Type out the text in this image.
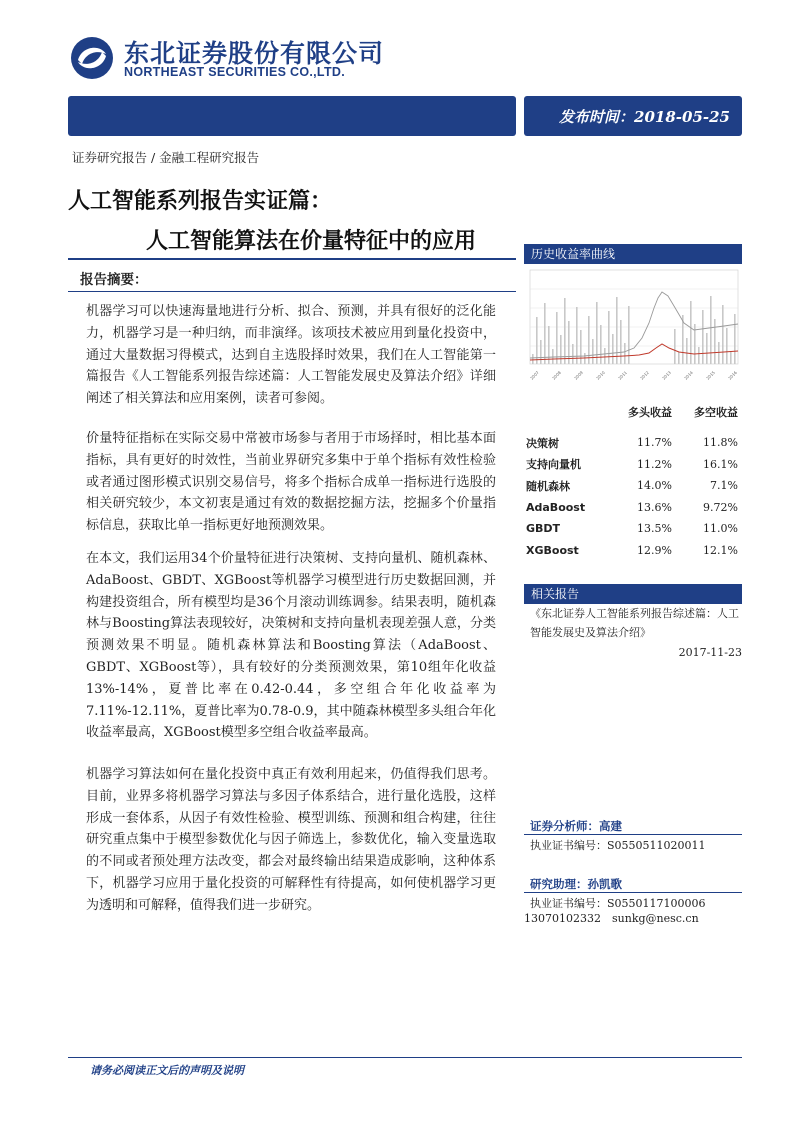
东北证券股份有限公司
NORTHEAST SECURITIES CO.,LTD.
发布时间：2018-05-25
证券研究报告 / 金融工程研究报告
人工智能系列报告实证篇：
人工智能算法在价量特征中的应用
报告摘要：
机器学习可以快速海量地进行分析、拟合、预测，并具有很好的泛化能力，机器学习是一种归纳，而非演绎。该项技术被应用到量化投资中，通过大量数据习得模式，达到自主选股择时效果，我们在人工智能第一篇报告《人工智能系列报告综述篇：人工智能发展史及算法介绍》详细阐述了相关算法和应用案例，读者可参阅。
价量特征指标在实际交易中常被市场参与者用于市场择时，相比基本面指标，具有更好的时效性，当前业界研究多集中于单个指标有效性检验或者通过图形模式识别交易信号，将多个指标合成单一指标进行选股的相关研究较少，本文初衷是通过有效的数据挖掘方法，挖掘多个价量指标信息，获取比单一指标更好地预测效果。
在本文，我们运用34个价量特征进行决策树、支持向量机、随机森林、AdaBoost、GBDT、XGBoost等机器学习模型进行历史数据回测，并构建投资组合，所有模型均是36个月滚动训练调参。结果表明，随机森林与Boosting算法表现较好，决策树和支持向量机表现差强人意，分类预测效果不明显。随机森林算法和Boosting算法（AdaBoost、GBDT、XGBoost等），具有较好的分类预测效果，第10组年化收益13%-14%，夏普比率在0.42-0.44，多空组合年化收益率为7.11%-12.11%，夏普比率为0.78-0.9，其中随森林模型多头组合年化收益率最高，XGBoost模型多空组合收益率最高。
机器学习算法如何在量化投资中真正有效利用起来，仍值得我们思考。目前，业界多将机器学习算法与多因子体系结合，进行量化选股，这样形成一套体系，从因子有效性检验、模型训练、预测和组合构建，往往研究重点集中于模型参数优化与因子筛选上，参数优化，输入变量选取的不同或者预处理方法改变，都会对最终输出结果造成影响，这种体系下，机器学习应用于量化投资的可解释性有待提高，如何使机器学习更为透明和可解释，值得我们进一步研究。
历史收益率曲线
2007	2008	2009	2010	2011	2012	2013	2014	2015	2016
	多头收益	多空收益
决策树	11.7%	11.8%
支持向量机	11.2%	16.1%
随机森林	14.0%	7.1%
AdaBoost	13.6%	9.72%
GBDT	13.5%	11.0%
XGBoost	12.9%	12.1%
相关报告
《东北证券人工智能系列报告综述篇：人工智能发展史及算法介绍》
2017-11-23
证券分析师：高建
执业证书编号：S0550511020011
研究助理：孙凯歌
执业证书编号：S0550117100006
13070102332 sunkg@nesc.cn
请务必阅读正文后的声明及说明
